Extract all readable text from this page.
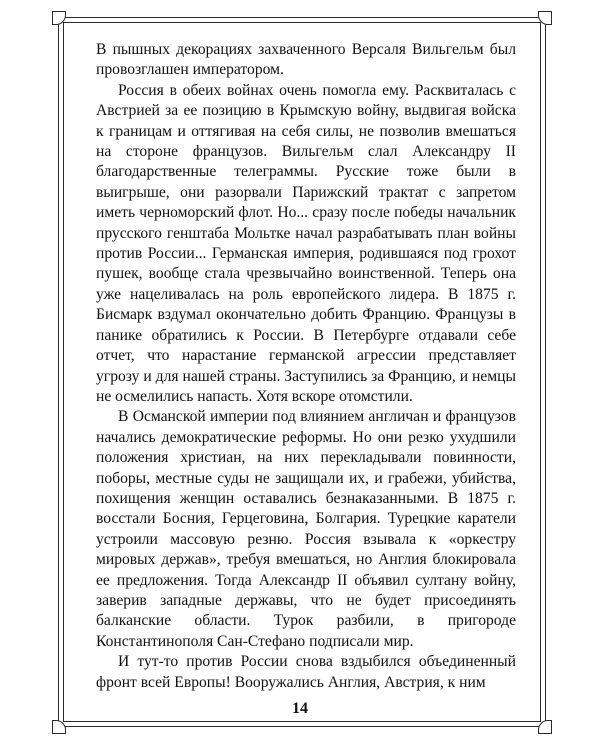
В пышных декорациях захваченного Версаля Вильгельм был провозглашен императором.

Россия в обеих войнах очень помогла ему. Расквиталась с Австрией за ее позицию в Крымскую войну, выдвигая войска к границам и оттягивая на себя силы, не позволив вмешаться на стороне французов. Вильгельм слал Александру II благодарственные телеграммы. Русские тоже были в выигрыше, они разорвали Парижский трактат с запретом иметь черноморский флот. Но... сразу после победы начальник прусского генштаба Мольтке начал разрабатывать план войны против России... Германская империя, родившаяся под грохот пушек, вообще стала чрезвычайно воинственной. Теперь она уже нацеливалась на роль европейского лидера. В 1875 г. Бисмарк вздумал окончательно добить Францию. Французы в панике обратились к России. В Петербурге отдавали себе отчет, что нарастание германской агрессии представляет угрозу и для нашей страны. Заступились за Францию, и немцы не осмелились напасть. Хотя вскоре отомстили.

В Османской империи под влиянием англичан и французов начались демократические реформы. Но они резко ухудшили положения христиан, на них перекладывали повинности, поборы, местные суды не защищали их, и грабежи, убийства, похищения женщин оставались безнаказанными. В 1875 г. восстали Босния, Герцеговина, Болгария. Турецкие каратели устроили массовую резню. Россия взывала к «оркестру мировых держав», требуя вмешаться, но Англия блокировала ее предложения. Тогда Александр II объявил султану войну, заверив западные державы, что не будет присоединять балканские области. Турок разбили, в пригороде Константинополя Сан-Стефано подписали мир.

И тут-то против России снова вздыбился объединенный фронт всей Европы! Вооружались Англия, Австрия, к ним

14
